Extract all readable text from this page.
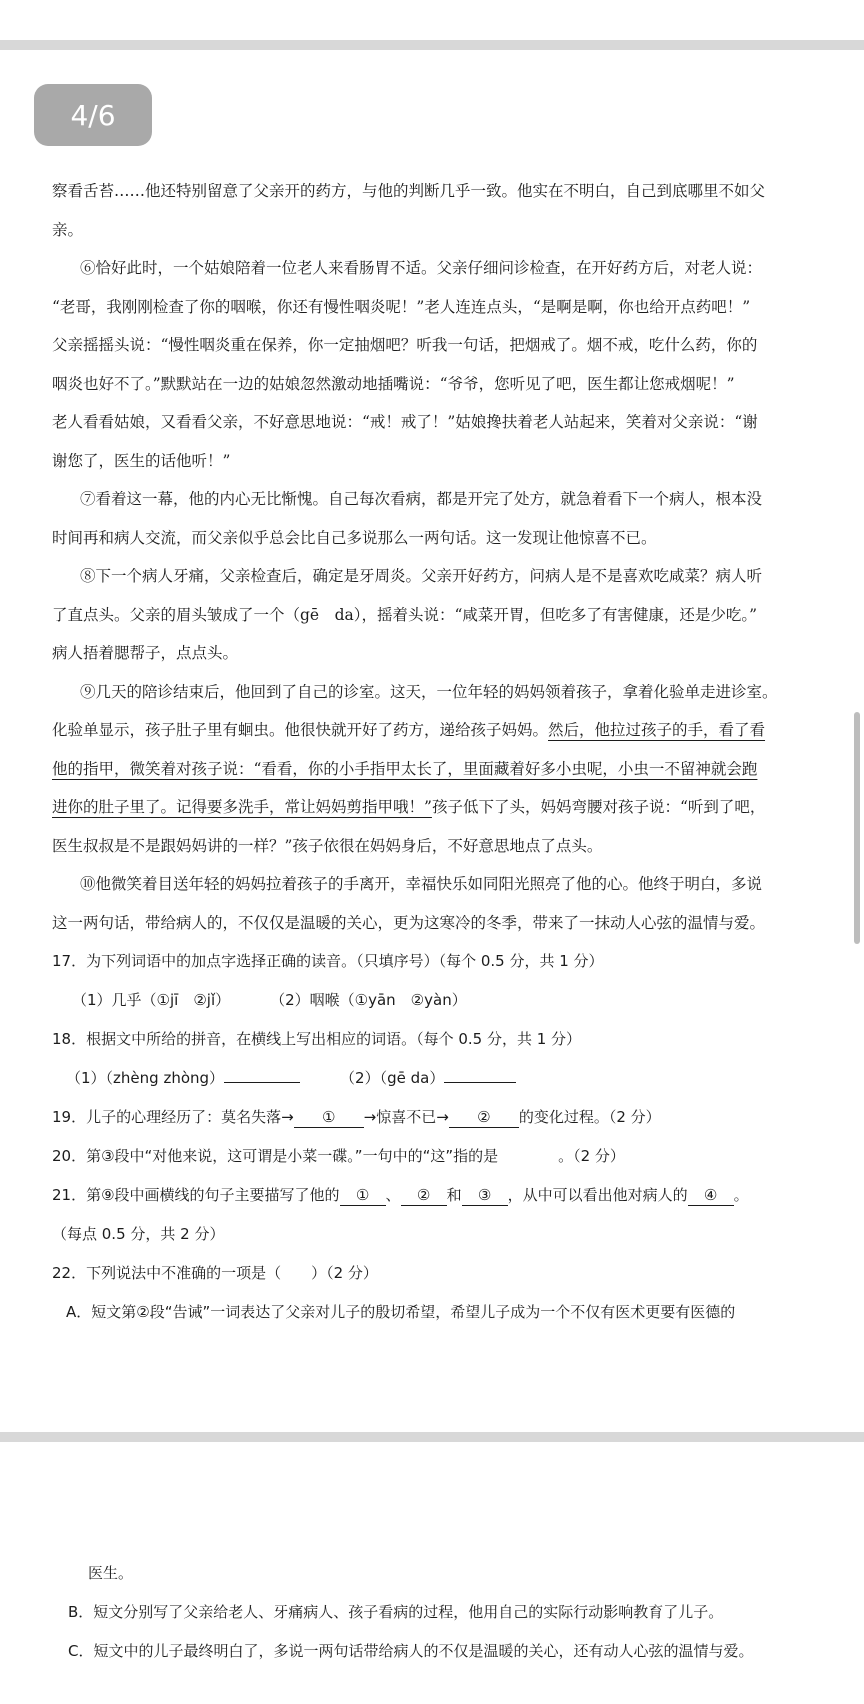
4/6
察看舌苔……他还特别留意了父亲开的药方，与他的判断几乎一致。他实在不明白，自己到底哪里不如父
亲。
⑥恰好此时，一个姑娘陪着一位老人来看肠胃不适。父亲仔细问诊检查，在开好药方后，对老人说：
“老哥，我刚刚检查了你的咽喉，你还有慢性咽炎呢！”老人连连点头，“是啊是啊，你也给开点药吧！”
父亲摇摇头说：“慢性咽炎重在保养，你一定抽烟吧？听我一句话，把烟戒了。烟不戒，吃什么药，你的
咽炎也好不了。”默默站在一边的姑娘忽然激动地插嘴说：“爷爷，您听见了吧，医生都让您戒烟呢！”
老人看看姑娘，又看看父亲，不好意思地说：“戒！戒了！”姑娘搀扶着老人站起来，笑着对父亲说：“谢
谢您了，医生的话他听！”
⑦看着这一幕，他的内心无比惭愧。自己每次看病，都是开完了处方，就急着看下一个病人，根本没
时间再和病人交流，而父亲似乎总会比自己多说那么一两句话。这一发现让他惊喜不已。
⑧下一个病人牙痛，父亲检查后，确定是牙周炎。父亲开好药方，问病人是不是喜欢吃咸菜？病人听
了直点头。父亲的眉头皱成了一个（gē　da），摇着头说：“咸菜开胃，但吃多了有害健康，还是少吃。”
病人捂着腮帮子，点点头。
⑨几天的陪诊结束后，他回到了自己的诊室。这天，一位年轻的妈妈领着孩子，拿着化验单走进诊室。
化验单显示，孩子肚子里有蛔虫。他很快就开好了药方，递给孩子妈妈。然后，他拉过孩子的手，看了看
他的指甲，微笑着对孩子说：“看看，你的小手指甲太长了，里面藏着好多小虫呢，小虫一不留神就会跑
进你的肚子里了。记得要多洗手，常让妈妈剪指甲哦！”孩子低下了头，妈妈弯腰对孩子说：“听到了吧，
医生叔叔是不是跟妈妈讲的一样？”孩子依很在妈妈身后，不好意思地点了点头。
⑩他微笑着目送年轻的妈妈拉着孩子的手离开，幸福快乐如同阳光照亮了他的心。他终于明白，多说
这一两句话，带给病人的，不仅仅是温暖的关心，更为这寒冷的冬季，带来了一抹动人心弦的温情与爱。
17．为下列词语中的加点字选择正确的读音。（只填序号）（每个 0.5 分，共 1 分）
（1）几乎（①jī　②jǐ）	（2）咽喉（①yān　②yàn）
18．根据文中所给的拼音，在横线上写出相应的词语。（每个 0.5 分，共 1 分）
（1）（zhèng zhòng）	（2）（gē da）
19．儿子的心理经历了：莫名失落→ ① →惊喜不已→ ② 的变化过程。（2 分）
20．第③段中“对他来说，这可谓是小菜一碟。”一句中的“这”指的是	。（2 分）
21．第⑨段中画横线的句子主要描写了他的 ① 、 ② 和 ③ ，从中可以看出他对病人的 ④ 。
（每点 0.5 分，共 2 分）
22．下列说法中不准确的一项是（　　）（2 分）
A．短文第②段“告诫”一词表达了父亲对儿子的殷切希望，希望儿子成为一个不仅有医术更要有医德的
医生。
B．短文分别写了父亲给老人、牙痛病人、孩子看病的过程，他用自己的实际行动影响教育了儿子。
C．短文中的儿子最终明白了，多说一两句话带给病人的不仅是温暖的关心，还有动人心弦的温情与爱。
